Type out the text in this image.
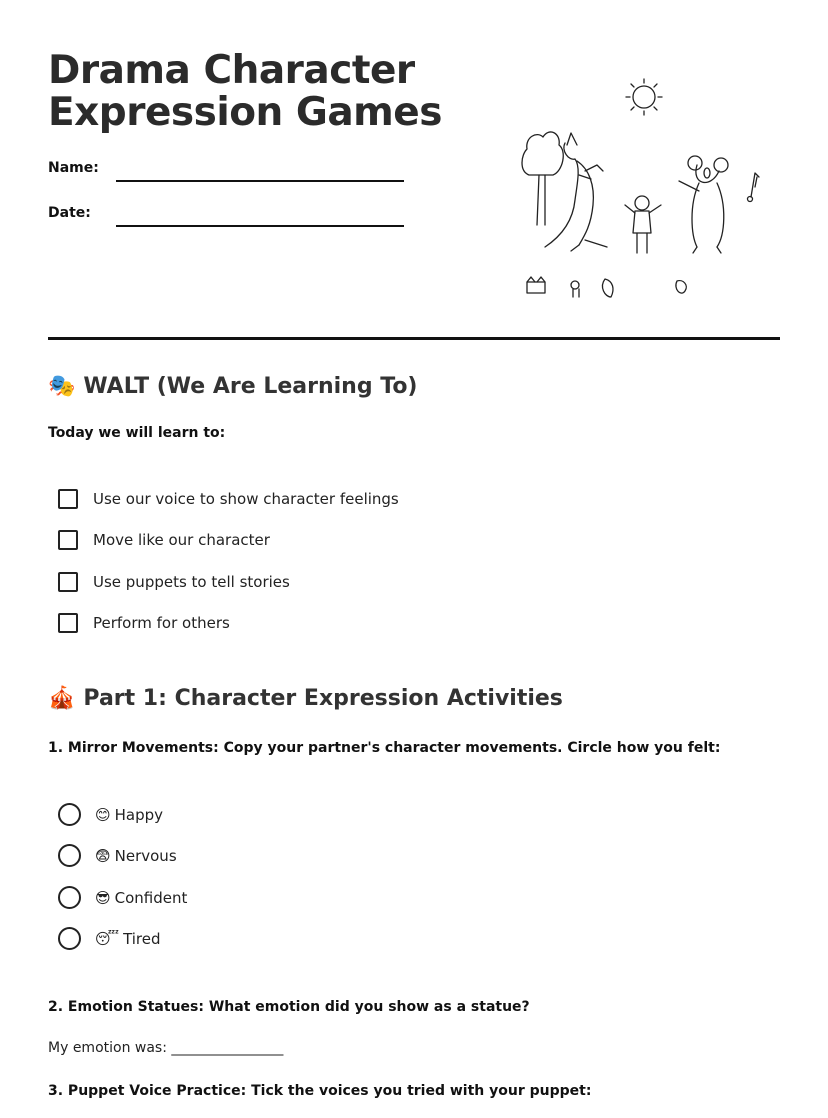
Drama Character
Expression Games
Name:
Date:
🎭 WALT (We Are Learning To)
Today we will learn to:
Use our voice to show character feelings
Move like our character
Use puppets to tell stories
Perform for others
🎪 Part 1: Character Expression Activities
1. Mirror Movements: Copy your partner's character movements. Circle how you felt:
😊 Happy
😨 Nervous
😎 Confident
😴 Tired
2. Emotion Statues: What emotion did you show as a statue?
My emotion was: ________________
3. Puppet Voice Practice: Tick the voices you tried with your puppet:
